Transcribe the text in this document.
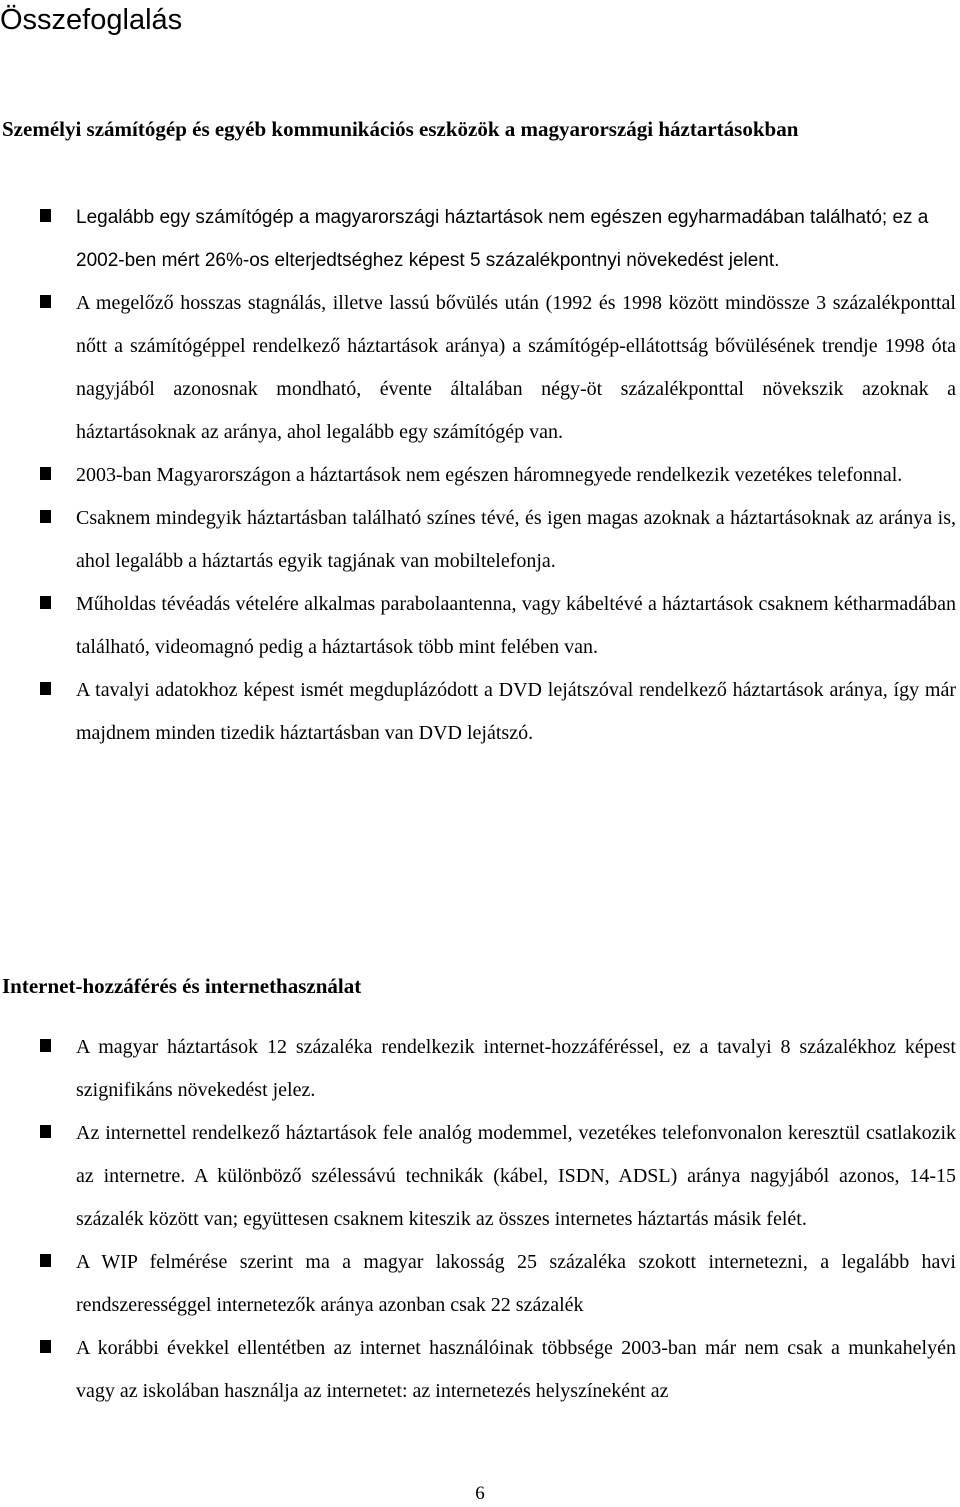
Összefoglalás
Személyi számítógép és egyéb kommunikációs eszközök a magyarországi háztartásokban
Legalább egy számítógép a magyarországi háztartások nem egészen egyharmadában található; ez a 2002-ben mért 26%-os elterjedtséghez képest 5 százalékpontnyi növekedést jelent.
A megelőző hosszas stagnálás, illetve lassú bővülés után (1992 és 1998 között mindössze 3 százalékponttal nőtt a számítógéppel rendelkező háztartások aránya) a számítógép-ellátottság bővülésének trendje 1998 óta nagyjából azonosnak mondható, évente általában négy-öt százalékponttal növekszik azoknak a háztartásoknak az aránya, ahol legalább egy számítógép van.
2003-ban Magyarországon a háztartások nem egészen háromnegyede rendelkezik vezetékes telefonnal.
Csaknem mindegyik háztartásban található színes tévé, és igen magas azoknak a háztartásoknak az aránya is, ahol legalább a háztartás egyik tagjának van mobiltelefonja.
Műholdas tévéadás vételére alkalmas parabolaantenna, vagy kábeltévé a háztartások csaknem kétharmadában található, videomagnó pedig a háztartások több mint felében van.
A tavalyi adatokhoz képest ismét megduplázódott a DVD lejátszóval rendelkező háztartások aránya, így már majdnem minden tizedik háztartásban van DVD lejátszó.
Internet-hozzáférés és internethasználat
A magyar háztartások 12 százaléka rendelkezik internet-hozzáféréssel, ez a tavalyi 8 százalékhoz képest szignifikáns növekedést jelez.
Az internettel rendelkező háztartások fele analóg modemmel, vezetékes telefonvonalon keresztül csatlakozik az internetre. A különböző szélessávú technikák (kábel, ISDN, ADSL) aránya nagyjából azonos, 14-15 százalék között van; együttesen csaknem kiteszik az összes internetes háztartás másik felét.
A WIP felmérése szerint ma a magyar lakosság 25 százaléka szokott internetezni, a legalább havi rendszerességgel internetezők aránya azonban csak 22 százalék
A korábbi évekkel ellentétben az internet használóinak többsége 2003-ban már nem csak a munkahelyén vagy az iskolában használja az internetet: az internetezés helyszíneként az
6
